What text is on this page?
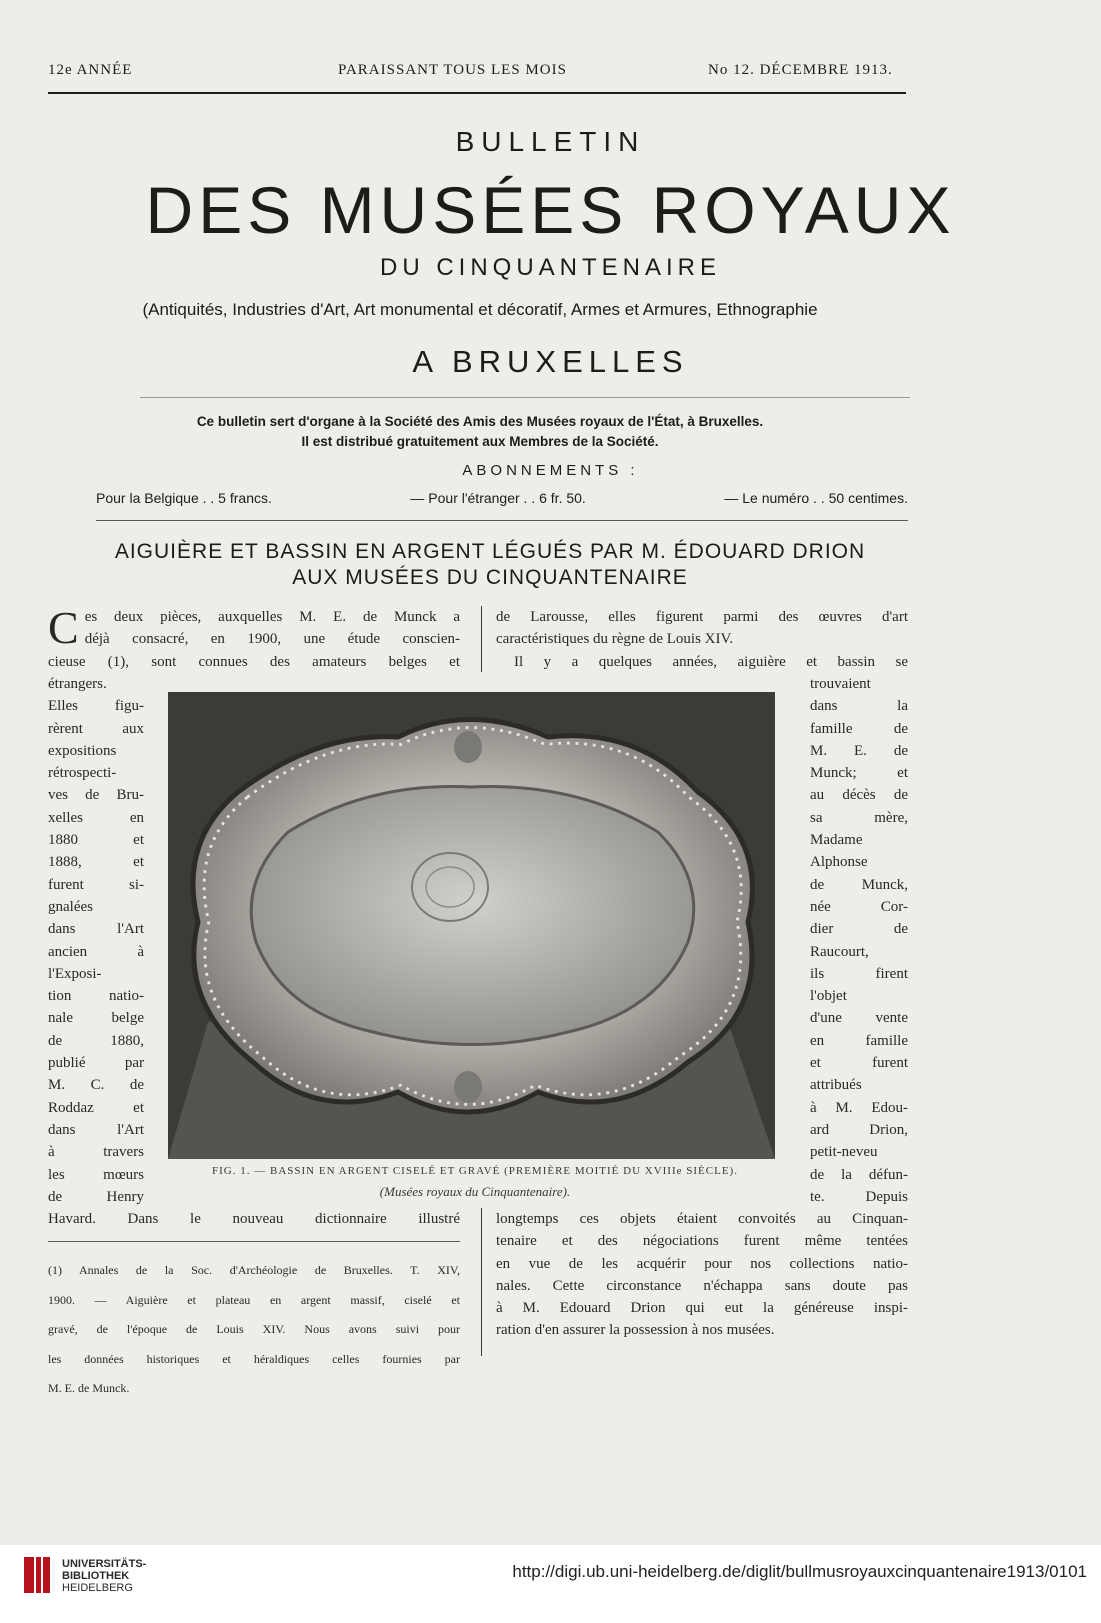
12e ANNÉE	PARAISSANT TOUS LES MOIS	No 12. DÉCEMBRE 1913.
BULLETIN
DES MUSÉES ROYAUX
DU CINQUANTENAIRE
(Antiquités, Industries d'Art, Art monumental et décoratif, Armes et Armures, Ethnographie
A BRUXELLES
Ce bulletin sert d'organe à la Société des Amis des Musées royaux de l'État, à Bruxelles.
Il est distribué gratuitement aux Membres de la Société.
ABONNEMENTS :
Pour la Belgique . . 5 francs.	— Pour l'étranger . . 6 fr. 50.	— Le numéro . . 50 centimes.
AIGUIÈRE ET BASSIN EN ARGENT LÉGUÉS PAR M. ÉDOUARD DRION
AUX MUSÉES DU CINQUANTENAIRE
C es deux pièces, auxquelles M. E. de Munck a

déjà consacré, en 1900, une étude conscien-

cieuse (1), sont connues des amateurs belges et

de Larousse, elles figurent parmi des œuvres d'art

caractéristiques du règne de Louis XIV.

Il y a quelques années, aiguière et bassin se

étrangers.

Elles figu-

rèrent aux

expositions

rétrospecti-

ves de Bru-

xelles en

1880 et

1888, et

furent si-

gnalées

dans l'Art

ancien à

l'Exposi-

tion natio-

nale belge

de 1880,

publié par

M. C. de

Roddaz et

dans l'Art

à travers

les mœurs

de Henry

trouvaient

dans la

famille de

M. E. de

Munck; et

au décès de

sa mère,

Madame

Alphonse

de Munck,

née Cor-

dier de

Raucourt,

ils firent

l'objet

d'une vente

en famille

et furent

attribués

à M. Edou-

ard Drion,

petit-neveu

de la défun-

te. Depuis

FIG. 1. — BASSIN EN ARGENT CISELÉ ET GRAVÉ (PREMIÈRE MOITIÉ DU XVIIIe SIÈCLE).
(Musées royaux du Cinquantenaire).
Havard. Dans le nouveau dictionnaire illustré

(1) Annales de la Soc. d'Archéologie de Bruxelles. T. XIV,

1900. — Aiguière et plateau en argent massif, ciselé et

gravé, de l'époque de Louis XIV. Nous avons suivi pour

les données historiques et héraldiques celles fournies par

M. E. de Munck.

longtemps ces objets étaient convoités au Cinquan-

tenaire et des négociations furent même tentées

en vue de les acquérir pour nos collections natio-

nales. Cette circonstance n'échappa sans doute pas

à M. Edouard Drion qui eut la généreuse inspi-

ration d'en assurer la possession à nos musées.

UNIVERSITÄTS-
BIBLIOTHEK
HEIDELBERG
http://digi.ub.uni-heidelberg.de/diglit/bullmusroyauxcinquantenaire1913/0101
